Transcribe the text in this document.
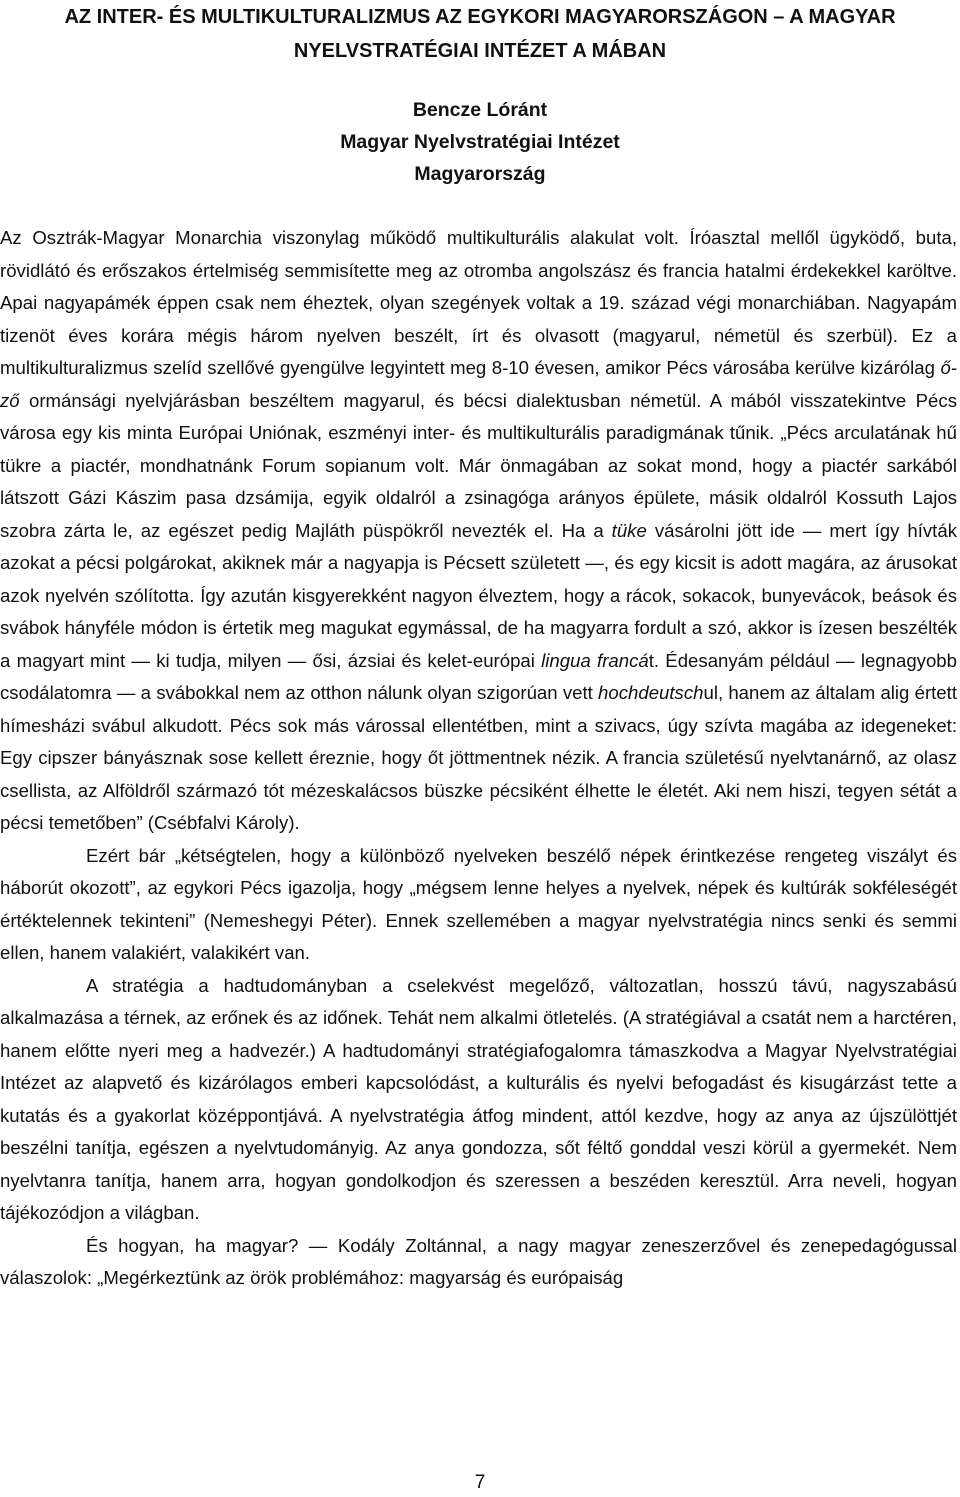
AZ INTER- ÉS MULTIKULTURALIZMUS AZ EGYKORI MAGYARORSZÁGON – A MAGYAR
NYELVSTRATÉGIAI INTÉZET A MÁBAN
Bencze Lóránt
Magyar Nyelvstratégiai Intézet
Magyarország

Az Osztrák-Magyar Monarchia viszonylag működő multikulturális alakulat volt. Íróasztal mellől ügyködő, buta, rövidlátó és erőszakos értelmiség semmisítette meg az otromba angolszász és francia hatalmi érdekekkel karöltve. Apai nagyapámék éppen csak nem éheztek, olyan szegények voltak a 19. század végi monarchiában. Nagyapám tizenöt éves korára mégis három nyelven beszélt, írt és olvasott (magyarul, németül és szerbül). Ez a multikulturalizmus szelíd szellővé gyengülve legyintett meg 8-10 évesen, amikor Pécs városába kerülve kizárólag ő-ző ormánsági nyelvjárásban beszéltem magyarul, és bécsi dialektusban németül. A mából visszatekintve Pécs városa egy kis minta Európai Uniónak, eszményi inter- és multikulturális paradigmának tűnik. „Pécs arculatának hű tükre a piactér, mondhatnánk Forum sopianum volt. Már önmagában az sokat mond, hogy a piactér sarkából látszott Gázi Kászim pasa dzsámija, egyik oldalról a zsinagóga arányos épülete, másik oldalról Kossuth Lajos szobra zárta le, az egészet pedig Majláth püspökről nevezték el. Ha a tüke vásárolni jött ide — mert így hívták azokat a pécsi polgárokat, akiknek már a nagyapja is Pécsett született —, és egy kicsit is adott magára, az árusokat azok nyelvén szólította. Így azután kisgyerekként nagyon élveztem, hogy a rácok, sokacok, bunyevácok, beások és svábok hányféle módon is értetik meg magukat egymással, de ha magyarra fordult a szó, akkor is ízesen beszélték a magyart mint — ki tudja, milyen — ősi, ázsiai és kelet-európai lingua francát. Édesanyám például — legnagyobb csodálatomra — a svábokkal nem az otthon nálunk olyan szigorúan vett hochdeutschul, hanem az általam alig értett hímesházi svábul alkudott. Pécs sok más várossal ellentétben, mint a szivacs, úgy szívta magába az idegeneket: Egy cipszer bányásznak sose kellett éreznie, hogy őt jöttmentnek nézik. A francia születésű nyelvtanárnő, az olasz csellista, az Alföldről származó tót mézeskalácsos büszke pécsiként élhette le életét. Aki nem hiszi, tegyen sétát a pécsi temetőben” (Csébfalvi Károly).

Ezért bár „kétségtelen, hogy a különböző nyelveken beszélő népek érintkezése rengeteg viszályt és háborút okozott”, az egykori Pécs igazolja, hogy „mégsem lenne helyes a nyelvek, népek és kultúrák sokféleségét értéktelennek tekinteni” (Nemeshegyi Péter). Ennek szellemében a magyar nyelvstratégia nincs senki és semmi ellen, hanem valakiért, valakikért van.

A stratégia a hadtudományban a cselekvést megelőző, változatlan, hosszú távú, nagyszabású alkalmazása a térnek, az erőnek és az időnek. Tehát nem alkalmi ötletelés. (A stratégiával a csatát nem a harctéren, hanem előtte nyeri meg a hadvezér.) A hadtudományi stratégiafogalomra támaszkodva a Magyar Nyelvstratégiai Intézet az alapvető és kizárólagos emberi kapcsolódást, a kulturális és nyelvi befogadást és kisugárzást tette a kutatás és a gyakorlat középpontjává. A nyelvstratégia átfog mindent, attól kezdve, hogy az anya az újszülöttjét beszélni tanítja, egészen a nyelvtudományig. Az anya gondozza, sőt féltő gonddal veszi körül a gyermekét. Nem nyelvtanra tanítja, hanem arra, hogyan gondolkodjon és szeressen a beszéden keresztül. Arra neveli, hogyan tájékozódjon a világban.

És hogyan, ha magyar? — Kodály Zoltánnal, a nagy magyar zeneszerzővel és zenepedagógussal válaszolok: „Megérkeztünk az örök problémához: magyarság és európaiság

7
